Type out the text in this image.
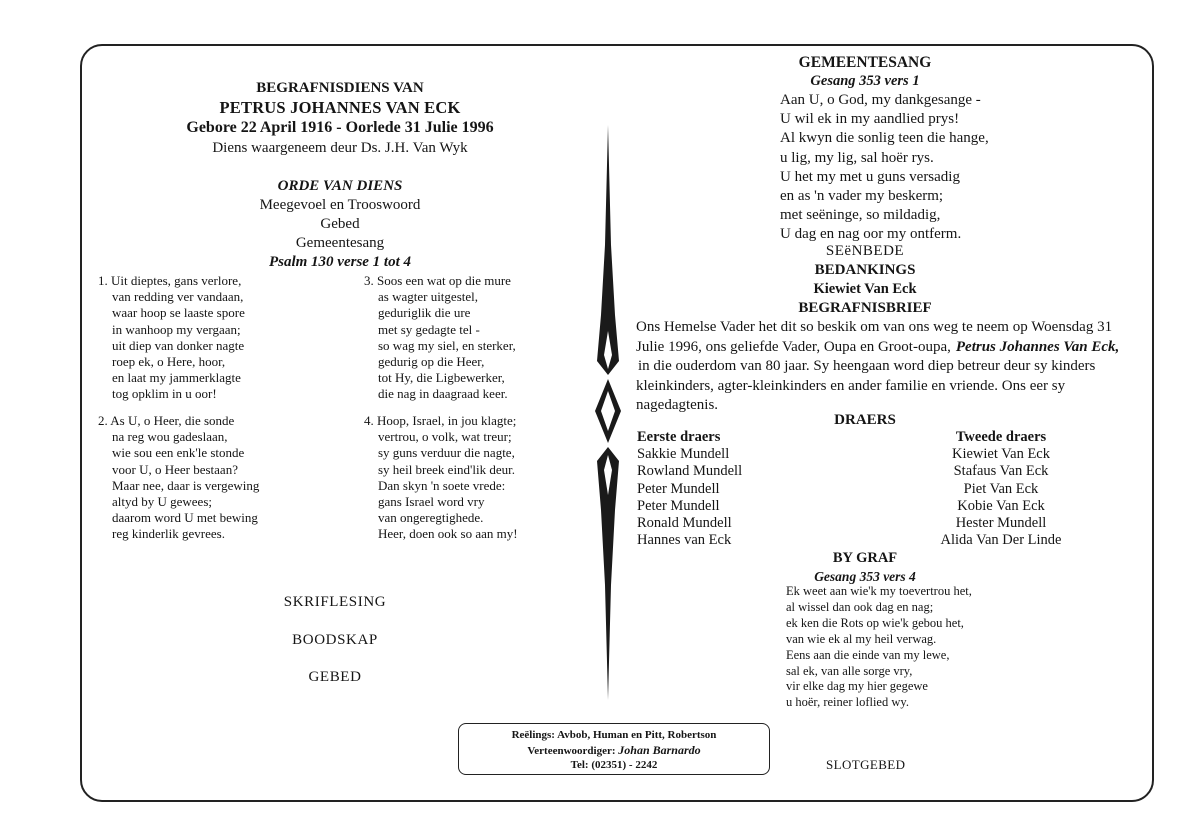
BEGRAFNISDIENS VAN
PETRUS JOHANNES VAN ECK
Gebore 22 April 1916 - Oorlede 31 Julie 1996
Diens waargeneem deur Ds. J.H. Van Wyk
ORDE VAN DIENS
Meegevoel en Trooswoord
Gebed
Gemeentesang
Psalm 130 verse 1 tot 4
1. Uit dieptes, gans verlore,
van redding ver vandaan,
waar hoop se laaste spore
in wanhoop my vergaan;
uit diep van donker nagte
roep ek, o Here, hoor,
en laat my jammerklagte
tog opklim in u oor!
3. Soos een wat op die mure
as wagter uitgestel,
geduriglik die ure
met sy gedagte tel -
so wag my siel, en sterker,
gedurig op die Heer,
tot Hy, die Ligbewerker,
die nag in daagraad keer.
2. As U, o Heer, die sonde
na reg wou gadeslaan,
wie sou een enk'le stonde
voor U, o Heer bestaan?
Maar nee, daar is vergewing
altyd by U gewees;
daarom word U met bewing
reg kinderlik gevrees.
4. Hoop, Israel, in jou klagte;
vertrou, o volk, wat treur;
sy guns verduur die nagte,
sy heil breek eind'lik deur.
Dan skyn 'n soete vrede:
gans Israel word vry
van ongeregtighede.
Heer, doen ook so aan my!
SKRIFLESING
BOODSKAP
GEBED
GEMEENTESANG
Gesang 353 vers 1
Aan U, o God, my dankgesange -
U wil ek in my aandlied prys!
Al kwyn die sonlig teen die hange,
u lig, my lig, sal hoër rys.
U het my met u guns versadig
en as 'n vader my beskerm;
met seëninge, so mildadig,
U dag en nag oor my ontferm.
SEëNBEDE
BEDANKINGS
Kiewiet Van Eck
BEGRAFNISBRIEF
Ons Hemelse Vader het dit so beskik om van ons weg te neem op Woensdag 31
Julie 1996, ons geliefde Vader, Oupa en Groot-oupa, Petrus Johannes Van Eck,
in die ouderdom van 80 jaar. Sy heengaan word diep betreur deur sy kinders
kleinkinders, agter-kleinkinders en ander familie en vriende. Ons eer sy
nagedagtenis.
DRAERS
Eerste draers
Sakkie Mundell
Rowland Mundell
Peter Mundell
Peter Mundell
Ronald Mundell
Hannes van Eck
Tweede draers
Kiewiet Van Eck
Stafaus Van Eck
Piet Van Eck
Kobie Van Eck
Hester Mundell
Alida Van Der Linde
BY GRAF
Gesang 353 vers 4
Ek weet aan wie'k my toevertrou het,
al wissel dan ook dag en nag;
ek ken die Rots op wie'k gebou het,
van wie ek al my heil verwag.
Eens aan die einde van my lewe,
sal ek, van alle sorge vry,
vir elke dag my hier gegewe
u hoër, reiner loflied wy.
Reëlings: Avbob, Human en Pitt, Robertson
Verteenwoordiger: Johan Barnardo
Tel: (02351) - 2242	SLOTGEBED
